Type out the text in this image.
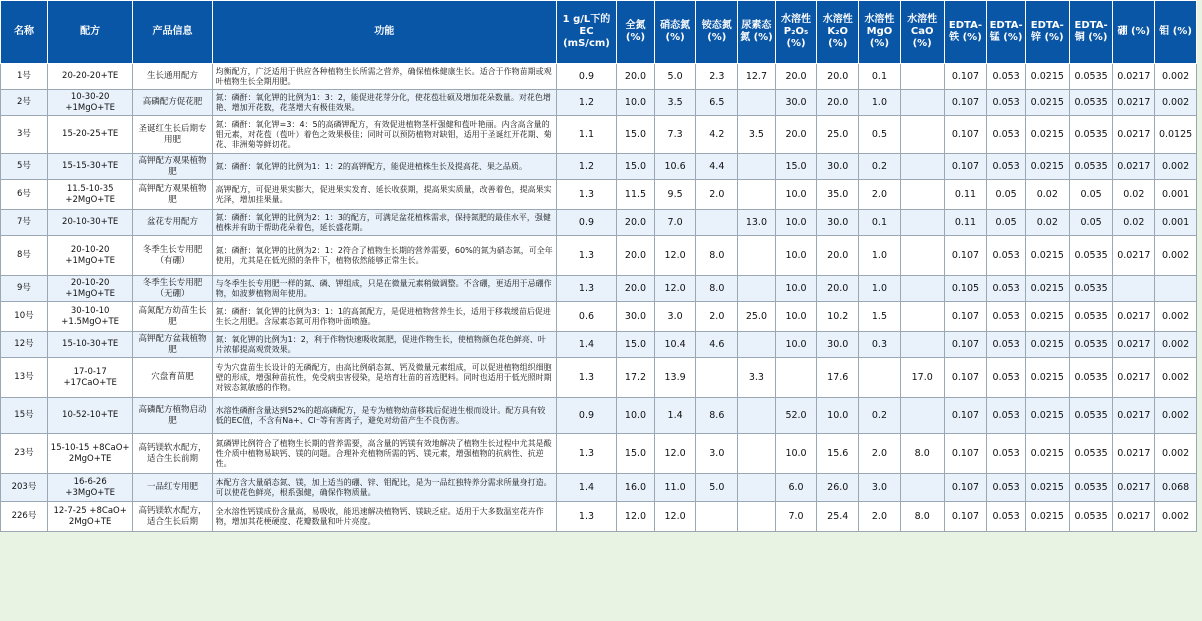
名称	配方	产品信息	功能	1 g/L下的EC (mS/cm)	全氮 (%)	硝态氮 (%)	铵态氮 (%)	尿素态氮 (%)	水溶性P₂O₅ (%)	水溶性K₂O (%)	水溶性MgO (%)	水溶性CaO (%)	EDTA-铁 (%)	EDTA-锰 (%)	EDTA-锌 (%)	EDTA-铜 (%)	硼 (%)	钼 (%)
1号	20-20-20+TE	生长通用配方	均衡配方，广泛适用于供应各种植物生长所需之营养，确保植株健康生长。适合于作物苗期或观叶植物生长全期用肥。	0.9	20.0	5.0	2.3	12.7	20.0	20.0	0.1		0.107	0.053	0.0215	0.0535	0.0217	0.002
2号	10-30-20 +1MgO+TE	高磷配方促花肥	氮：磷酐：氧化钾的比例为1：3：2，能促进花芽分化，使花苞壮硕及增加花朵数量。对花色增艳、增加开花数，花茎增大有极佳效果。	1.2	10.0	3.5	6.5		30.0	20.0	1.0		0.107	0.053	0.0215	0.0535	0.0217	0.002
3号	15-20-25+TE	圣诞红生长后期专用肥	氮：磷酐：氧化钾=3：4：5的高磷钾配方，有效促进植物茎杆强健和苞叶艳丽。内含高含量的钼元素，对花苞（苞叶）着色之效果极佳；同时可以预防植物对缺钼，适用于圣诞红开花期、菊花、非洲菊等鲜切花。	1.1	15.0	7.3	4.2	3.5	20.0	25.0	0.5		0.107	0.053	0.0215	0.0535	0.0217	0.0125
5号	15-15-30+TE	高钾配方观果植物肥	氮：磷酐：氧化钾的比例为1：1：2的高钾配方，能促进植株生长及提高花、果之品质。	1.2	15.0	10.6	4.4		15.0	30.0	0.2		0.107	0.053	0.0215	0.0535	0.0217	0.002
6号	11.5-10-35 +2MgO+TE	高钾配方观果植物肥	高钾配方，可促进果实膨大，促进果实发育、延长收获期，提高果实质量，改善着色，提高果实光泽，增加挂果量。	1.3	11.5	9.5	2.0		10.0	35.0	2.0		0.11	0.05	0.02	0.05	0.02	0.001
7号	20-10-30+TE	盆花专用配方	氮：磷酐：氧化钾的比例为2：1：3的配方，可满足盆花植株需求，保持氮肥的最佳水平，强健植株并有助于帮助花朵着色，延长盛花期。	0.9	20.0	7.0		13.0	10.0	30.0	0.1		0.11	0.05	0.02	0.05	0.02	0.001
8号	20-10-20 +1MgO+TE	冬季生长专用肥（有硼）	氮：磷酐：氧化钾的比例为2：1：2符合了植物生长期的营养需要，60%的氮为硝态氮，可全年使用，尤其是在低光照的条件下，植物依然能够正常生长。	1.3	20.0	12.0	8.0		10.0	20.0	1.0		0.107	0.053	0.0215	0.0535	0.0217	0.002
9号	20-10-20 +1MgO+TE	冬季生长专用肥（无硼）	与冬季生长专用肥一样的氮、磷、钾组成，只是在微量元素稍做调整。不含硼，更适用于忌硼作物，如波萝植物周年使用。	1.3	20.0	12.0	8.0		10.0	20.0	1.0		0.105	0.053	0.0215	0.0535		
10号	30-10-10 +1.5MgO+TE	高氮配方幼苗生长肥	氮：磷酐：氧化钾的比例为3：1：1的高氮配方，是促进植物营养生长，适用于移栽缓苗后促进生长之用肥。含尿素态氮可用作物叶面喷施。	0.6	30.0	3.0	2.0	25.0	10.0	10.2	1.5		0.107	0.053	0.0215	0.0535	0.0217	0.002
12号	15-10-30+TE	高钾配方盆栽植物肥	氮：氧化钾的比例为1：2，利于作物快速吸收氮肥，促进作物生长，使植物颜色花色鲜亮、叶片浓郁提高观赏效果。	1.4	15.0	10.4	4.6		10.0	30.0	0.3		0.107	0.053	0.0215	0.0535	0.0217	0.002
13号	17-0-17 +17CaO+TE	穴盘育苗肥	专为穴盘苗生长设计的无磷配方，由高比例硝态氮、钙及微量元素组成，可以促进植物组织细胞壁的形成，增强种苗抗性，免受病虫害侵染，是培育壮苗的首选肥料。同时也适用于低光照时期对铵态氮敏感的作物。	1.3	17.2	13.9		3.3		17.6		17.0	0.107	0.053	0.0215	0.0535	0.0217	0.002
15号	10-52-10+TE	高磷配方植物启动肥	水溶性磷酐含量达到52%的超高磷配方，是专为植物幼苗移栽后促进生根而设计。配方具有较低的EC值，不含有Na+、Cl⁻等有害离子，避免对幼苗产生不良伤害。	0.9	10.0	1.4	8.6		52.0	10.0	0.2		0.107	0.053	0.0215	0.0535	0.0217	0.002
23号	15-10-15 +8CaO+ 2MgO+TE	高钙镁软水配方，适合生长前期	氮磷钾比例符合了植物生长期的营养需要，高含量的钙镁有效地解决了植物生长过程中尤其是酸性介质中植物易缺钙、镁的问题。合理补充植物所需的钙、镁元素，增强植物的抗病性、抗逆性。	1.3	15.0	12.0	3.0		10.0	15.6	2.0	8.0	0.107	0.053	0.0215	0.0535	0.0217	0.002
203号	16-6-26 +3MgO+TE	一品红专用肥	本配方含大量硝态氮、镁，加上适当的硼、锌、钼配比，是为一品红独特养分需求所量身打造。可以使花色鲜亮，根系强健，确保作物质量。	1.4	16.0	11.0	5.0		6.0	26.0	3.0		0.107	0.053	0.0215	0.0535	0.0217	0.068
226号	12-7-25 +8CaO+ 2MgO+TE	高钙镁软水配方，适合生长后期	全水溶性钙镁成份含量高，易吸收，能迅速解决植物钙、镁缺乏症。适用于大多数温室花卉作物，增加其花梗硬度、花瓣数量和叶片亮度。	1.3	12.0	12.0			7.0	25.4	2.0	8.0	0.107	0.053	0.0215	0.0535	0.0217	0.002
